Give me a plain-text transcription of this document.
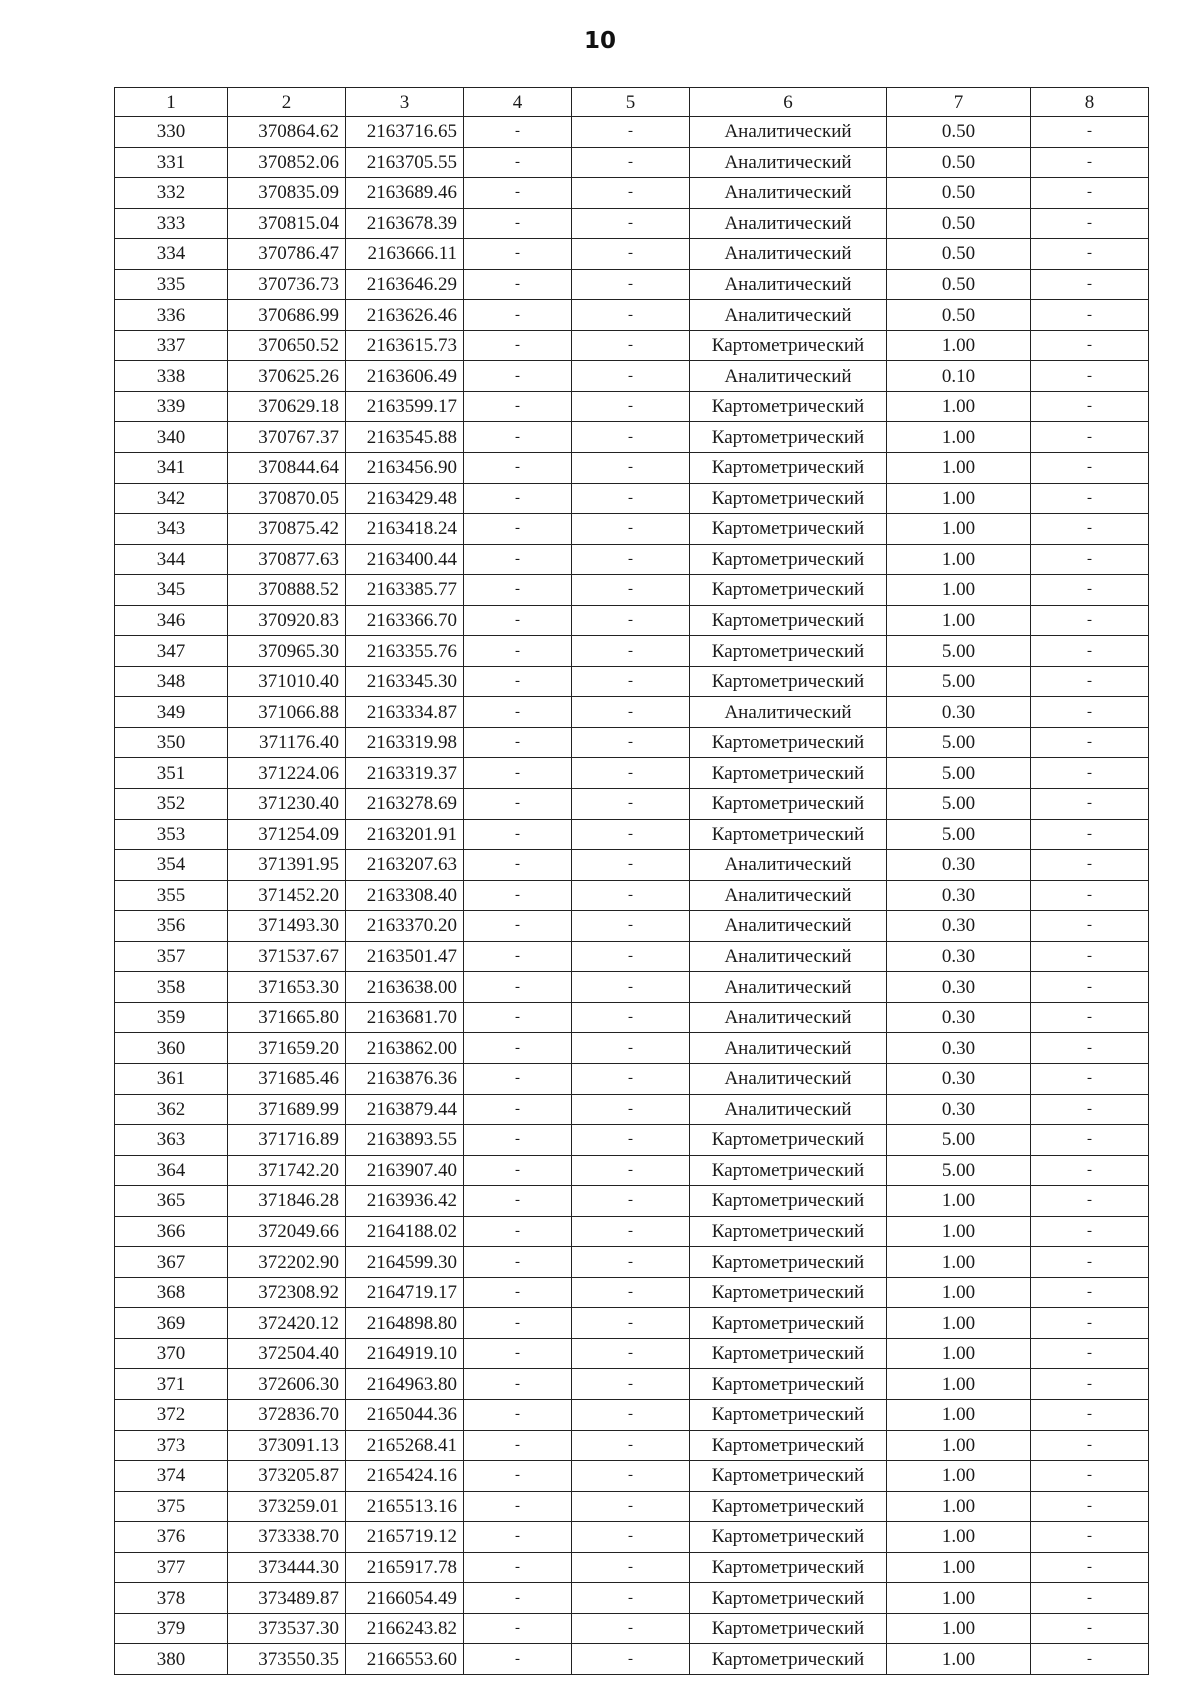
10
1	2	3	4	5	6	7	8
330	370864.62	2163716.65	-	-	Аналитический	0.50	-
331	370852.06	2163705.55	-	-	Аналитический	0.50	-
332	370835.09	2163689.46	-	-	Аналитический	0.50	-
333	370815.04	2163678.39	-	-	Аналитический	0.50	-
334	370786.47	2163666.11	-	-	Аналитический	0.50	-
335	370736.73	2163646.29	-	-	Аналитический	0.50	-
336	370686.99	2163626.46	-	-	Аналитический	0.50	-
337	370650.52	2163615.73	-	-	Картометрический	1.00	-
338	370625.26	2163606.49	-	-	Аналитический	0.10	-
339	370629.18	2163599.17	-	-	Картометрический	1.00	-
340	370767.37	2163545.88	-	-	Картометрический	1.00	-
341	370844.64	2163456.90	-	-	Картометрический	1.00	-
342	370870.05	2163429.48	-	-	Картометрический	1.00	-
343	370875.42	2163418.24	-	-	Картометрический	1.00	-
344	370877.63	2163400.44	-	-	Картометрический	1.00	-
345	370888.52	2163385.77	-	-	Картометрический	1.00	-
346	370920.83	2163366.70	-	-	Картометрический	1.00	-
347	370965.30	2163355.76	-	-	Картометрический	5.00	-
348	371010.40	2163345.30	-	-	Картометрический	5.00	-
349	371066.88	2163334.87	-	-	Аналитический	0.30	-
350	371176.40	2163319.98	-	-	Картометрический	5.00	-
351	371224.06	2163319.37	-	-	Картометрический	5.00	-
352	371230.40	2163278.69	-	-	Картометрический	5.00	-
353	371254.09	2163201.91	-	-	Картометрический	5.00	-
354	371391.95	2163207.63	-	-	Аналитический	0.30	-
355	371452.20	2163308.40	-	-	Аналитический	0.30	-
356	371493.30	2163370.20	-	-	Аналитический	0.30	-
357	371537.67	2163501.47	-	-	Аналитический	0.30	-
358	371653.30	2163638.00	-	-	Аналитический	0.30	-
359	371665.80	2163681.70	-	-	Аналитический	0.30	-
360	371659.20	2163862.00	-	-	Аналитический	0.30	-
361	371685.46	2163876.36	-	-	Аналитический	0.30	-
362	371689.99	2163879.44	-	-	Аналитический	0.30	-
363	371716.89	2163893.55	-	-	Картометрический	5.00	-
364	371742.20	2163907.40	-	-	Картометрический	5.00	-
365	371846.28	2163936.42	-	-	Картометрический	1.00	-
366	372049.66	2164188.02	-	-	Картометрический	1.00	-
367	372202.90	2164599.30	-	-	Картометрический	1.00	-
368	372308.92	2164719.17	-	-	Картометрический	1.00	-
369	372420.12	2164898.80	-	-	Картометрический	1.00	-
370	372504.40	2164919.10	-	-	Картометрический	1.00	-
371	372606.30	2164963.80	-	-	Картометрический	1.00	-
372	372836.70	2165044.36	-	-	Картометрический	1.00	-
373	373091.13	2165268.41	-	-	Картометрический	1.00	-
374	373205.87	2165424.16	-	-	Картометрический	1.00	-
375	373259.01	2165513.16	-	-	Картометрический	1.00	-
376	373338.70	2165719.12	-	-	Картометрический	1.00	-
377	373444.30	2165917.78	-	-	Картометрический	1.00	-
378	373489.87	2166054.49	-	-	Картометрический	1.00	-
379	373537.30	2166243.82	-	-	Картометрический	1.00	-
380	373550.35	2166553.60	-	-	Картометрический	1.00	-
